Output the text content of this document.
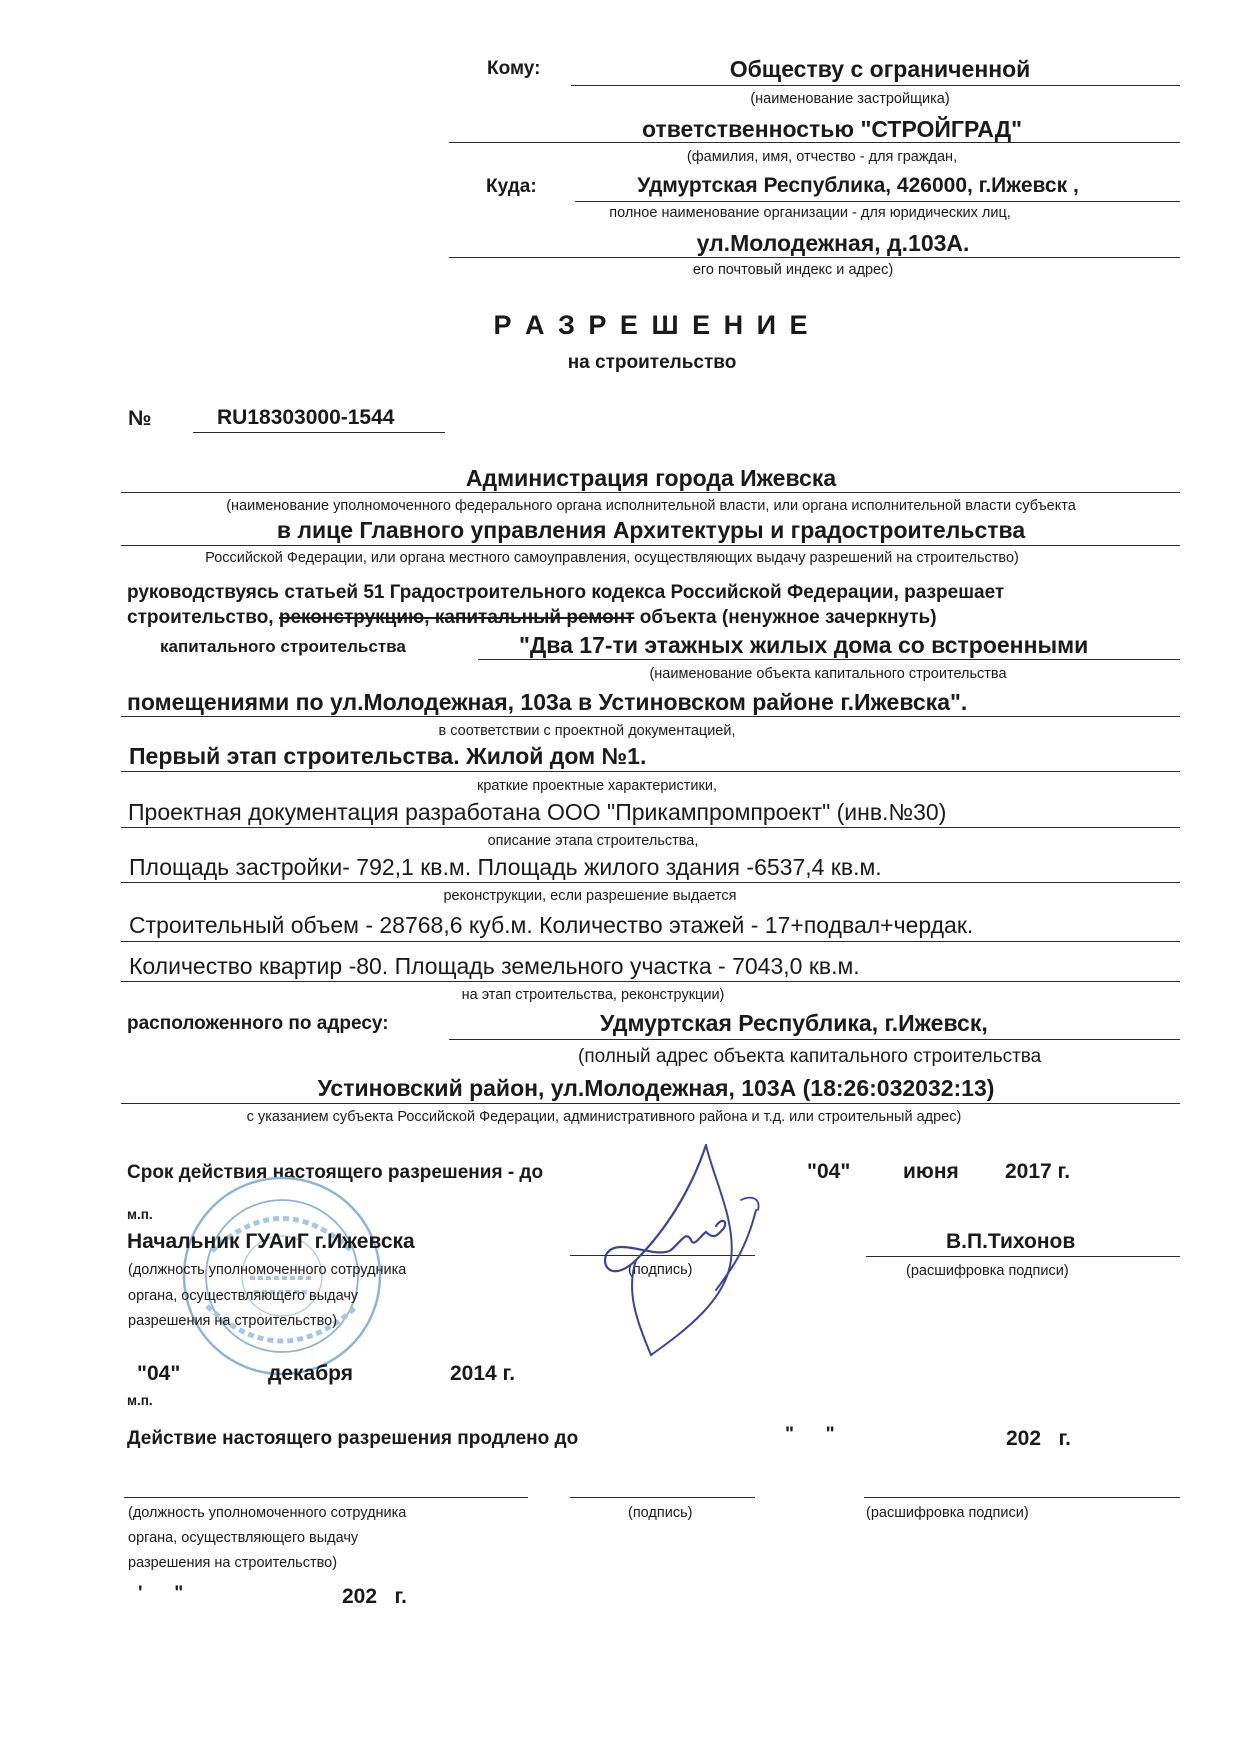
Кому:	Обществу с ограниченной
(наименование застройщика)
ответственностью "СТРОЙГРАД"
(фамилия, имя, отчество - для граждан,
Куда:	Удмуртская Республика, 426000, г.Ижевск ,
полное наименование организации - для юридических лиц,
ул.Молодежная, д.103А.
его почтовый индекс и адрес)
Р А З Р Е Ш Е Н И Е
на строительство
№	RU18303000-1544
Администрация города Ижевска
(наименование уполномоченного федерального органа исполнительной власти, или органа исполнительной власти субъекта
в лице Главного управления Архитектуры и градостроительства
Российской Федерации, или органа местного самоуправления, осуществляющих выдачу разрешений на строительство)
руководствуясь статьей 51 Градостроительного кодекса Российской Федерации, разрешает
строительство, реконструкцию, капитальный ремонт объекта (ненужное зачеркнуть)
капитального строительства	"Два 17-ти этажных жилых дома со встроенными
(наименование объекта капитального строительства
помещениями по ул.Молодежная, 103а в Устиновском районе г.Ижевска".
в соответствии с проектной документацией,
Первый этап строительства. Жилой дом №1.
краткие проектные характеристики,
Проектная документация разработана ООО "Прикампромпроект" (инв.№30)
описание этапа строительства,
Площадь застройки- 792,1 кв.м. Площадь жилого здания -6537,4 кв.м.
реконструкции, если разрешение выдается
Строительный объем - 28768,6 куб.м. Количество этажей - 17+подвал+чердак.
Количество квартир -80. Площадь земельного участка - 7043,0 кв.м.
на этап строительства, реконструкции)
расположенного по адресу:	Удмуртская Республика, г.Ижевск,
(полный адрес объекта капитального строительства
Устиновский район, ул.Молодежная, 103А (18:26:032032:13)
с указанием субъекта Российской Федерации, административного района и т.д. или строительный адрес)
Срок действия настоящего разрешения - до	"04"	июня 2017 г.
м.п.
Начальник ГУАиГ г.Ижевска	В.П.Тихонов
(должность уполномоченного сотрудника
органа, осуществляющего выдачу
разрешения на строительство)
(подпись)	(расшифровка подписи)
"04"	декабря	2014 г.
м.п.
Действие настоящего разрешения продлено до	"      "	202   г.
(должность уполномоченного сотрудника
органа, осуществляющего выдачу
разрешения на строительство)
(подпись)	(расшифровка подписи)
'      "	202   г.
